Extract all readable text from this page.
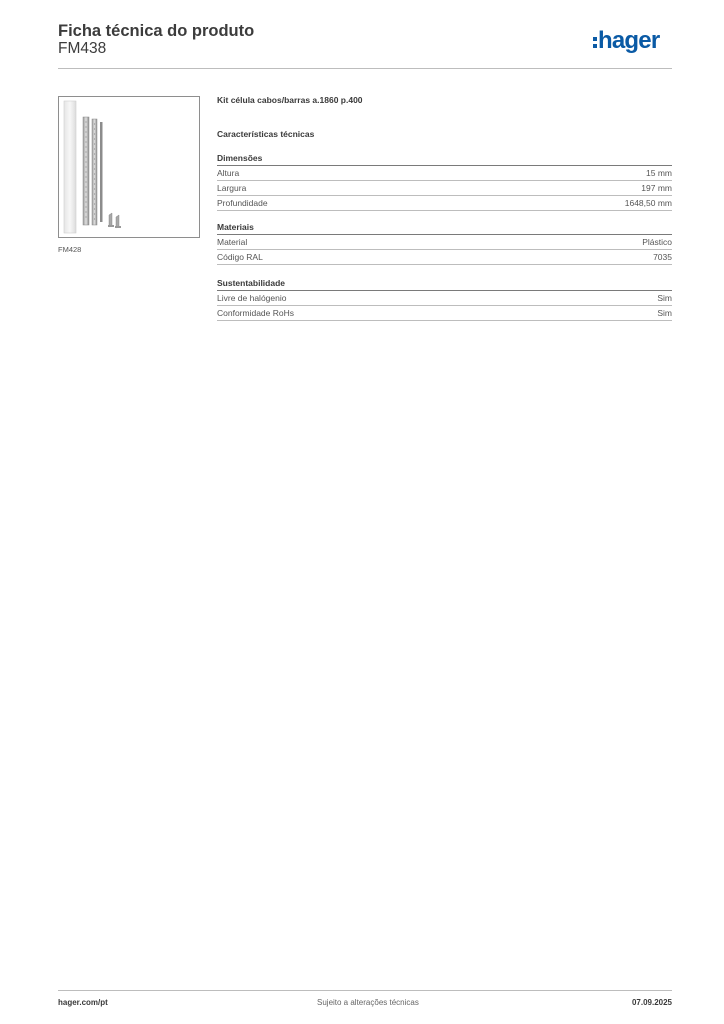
Ficha técnica do produto
FM438	hager
FM428
Kit célula cabos/barras a.1860 p.400
Características técnicas
Dimensões
Altura	15 mm
Largura	197 mm
Profundidade	1648,50 mm
Materiais
Material	Plástico
Código RAL	7035
Sustentabilidade
Livre de halógenio	Sim
Conformidade RoHs	Sim
hager.com/pt	Sujeito a alterações técnicas	07.09.2025
